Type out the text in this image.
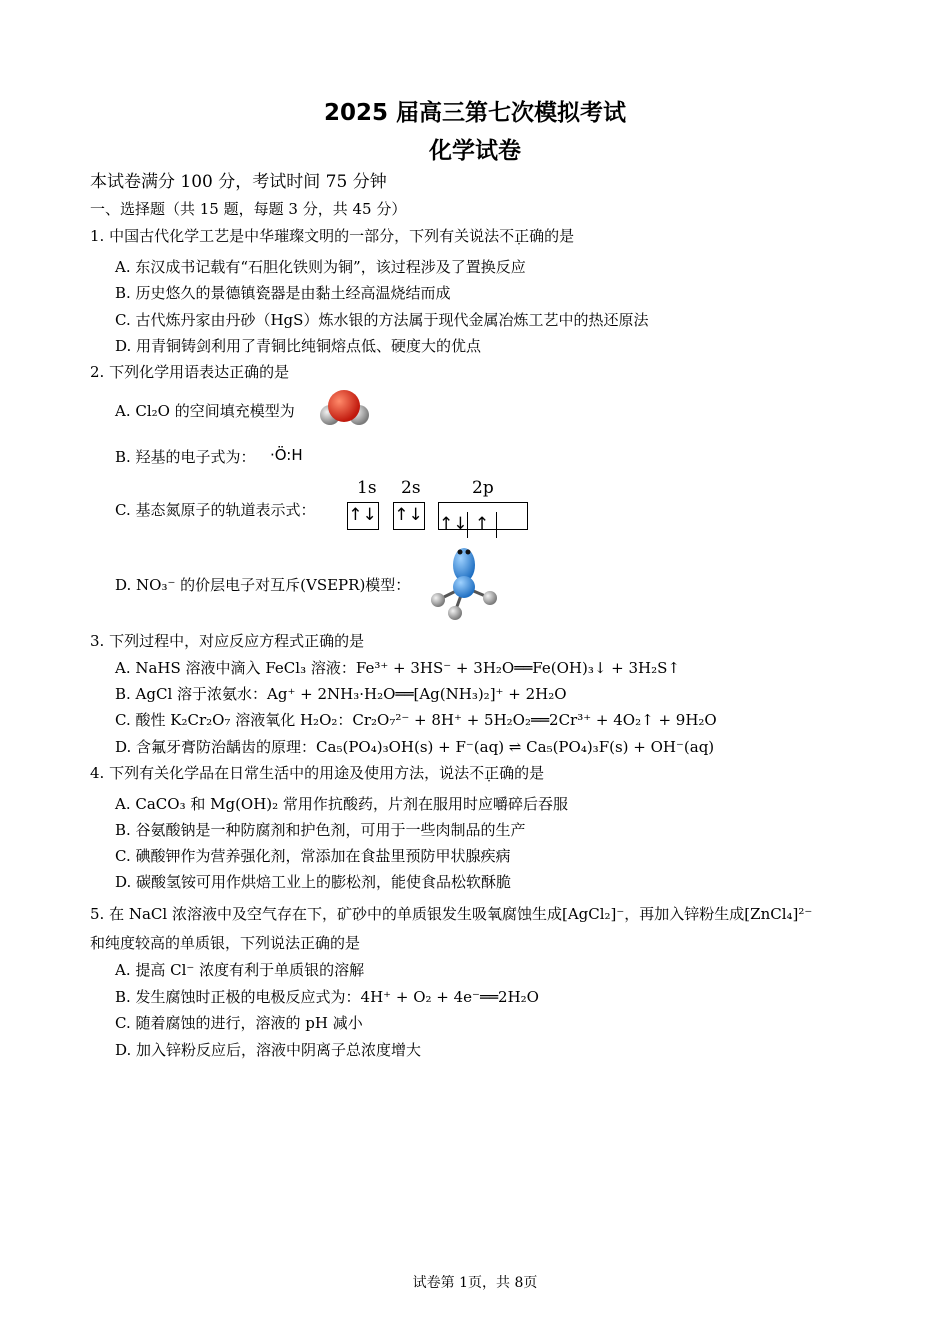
2025 届高三第七次模拟考试
化学试卷
本试卷满分 100 分，考试时间 75 分钟
一、选择题（共 15 题，每题 3 分，共 45 分）
1. 中国古代化学工艺是中华璀璨文明的一部分，下列有关说法不正确的是
A. 东汉成书记载有“石胆化铁则为铜”，该过程涉及了置换反应
B. 历史悠久的景德镇瓷器是由黏土经高温烧结而成
C. 古代炼丹家由丹砂（HgS）炼水银的方法属于现代金属冶炼工艺中的热还原法
D. 用青铜铸剑利用了青铜比纯铜熔点低、硬度大的优点
2. 下列化学用语表达正确的是
A. Cl₂O 的空间填充模型为
B. 羟基的电子式为： ·Ö:H
C. 基态氮原子的轨道表示式：
1s 2s	2p
↑↓ ↑↓ ↑↓ ↑
D. NO₃⁻ 的价层电子对互斥(VSEPR)模型：
3. 下列过程中，对应反应方程式正确的是
A. NaHS 溶液中滴入 FeCl₃ 溶液：Fe³⁺ + 3HS⁻ + 3H₂O══Fe(OH)₃↓ + 3H₂S↑
B. AgCl 溶于浓氨水：Ag⁺ + 2NH₃·H₂O══[Ag(NH₃)₂]⁺ + 2H₂O
C. 酸性 K₂Cr₂O₇ 溶液氧化 H₂O₂：Cr₂O₇²⁻ + 8H⁺ + 5H₂O₂══2Cr³⁺ + 4O₂↑ + 9H₂O
D. 含氟牙膏防治龋齿的原理：Ca₅(PO₄)₃OH(s) + F⁻(aq) ⇌ Ca₅(PO₄)₃F(s) + OH⁻(aq)
4. 下列有关化学品在日常生活中的用途及使用方法，说法不正确的是
A. CaCO₃ 和 Mg(OH)₂ 常用作抗酸药，片剂在服用时应嚼碎后吞服
B. 谷氨酸钠是一种防腐剂和护色剂，可用于一些肉制品的生产
C. 碘酸钾作为营养强化剂，常添加在食盐里预防甲状腺疾病
D. 碳酸氢铵可用作烘焙工业上的膨松剂，能使食品松软酥脆
5. 在 NaCl 浓溶液中及空气存在下，矿砂中的单质银发生吸氧腐蚀生成[AgCl₂]⁻，再加入锌粉生成[ZnCl₄]²⁻
和纯度较高的单质银，下列说法正确的是
A. 提高 Cl⁻ 浓度有利于单质银的溶解
B. 发生腐蚀时正极的电极反应式为：4H⁺ + O₂ + 4e⁻══2H₂O
C. 随着腐蚀的进行，溶液的 pH 减小
D. 加入锌粉反应后，溶液中阴离子总浓度增大
试卷第 1页，共 8页
